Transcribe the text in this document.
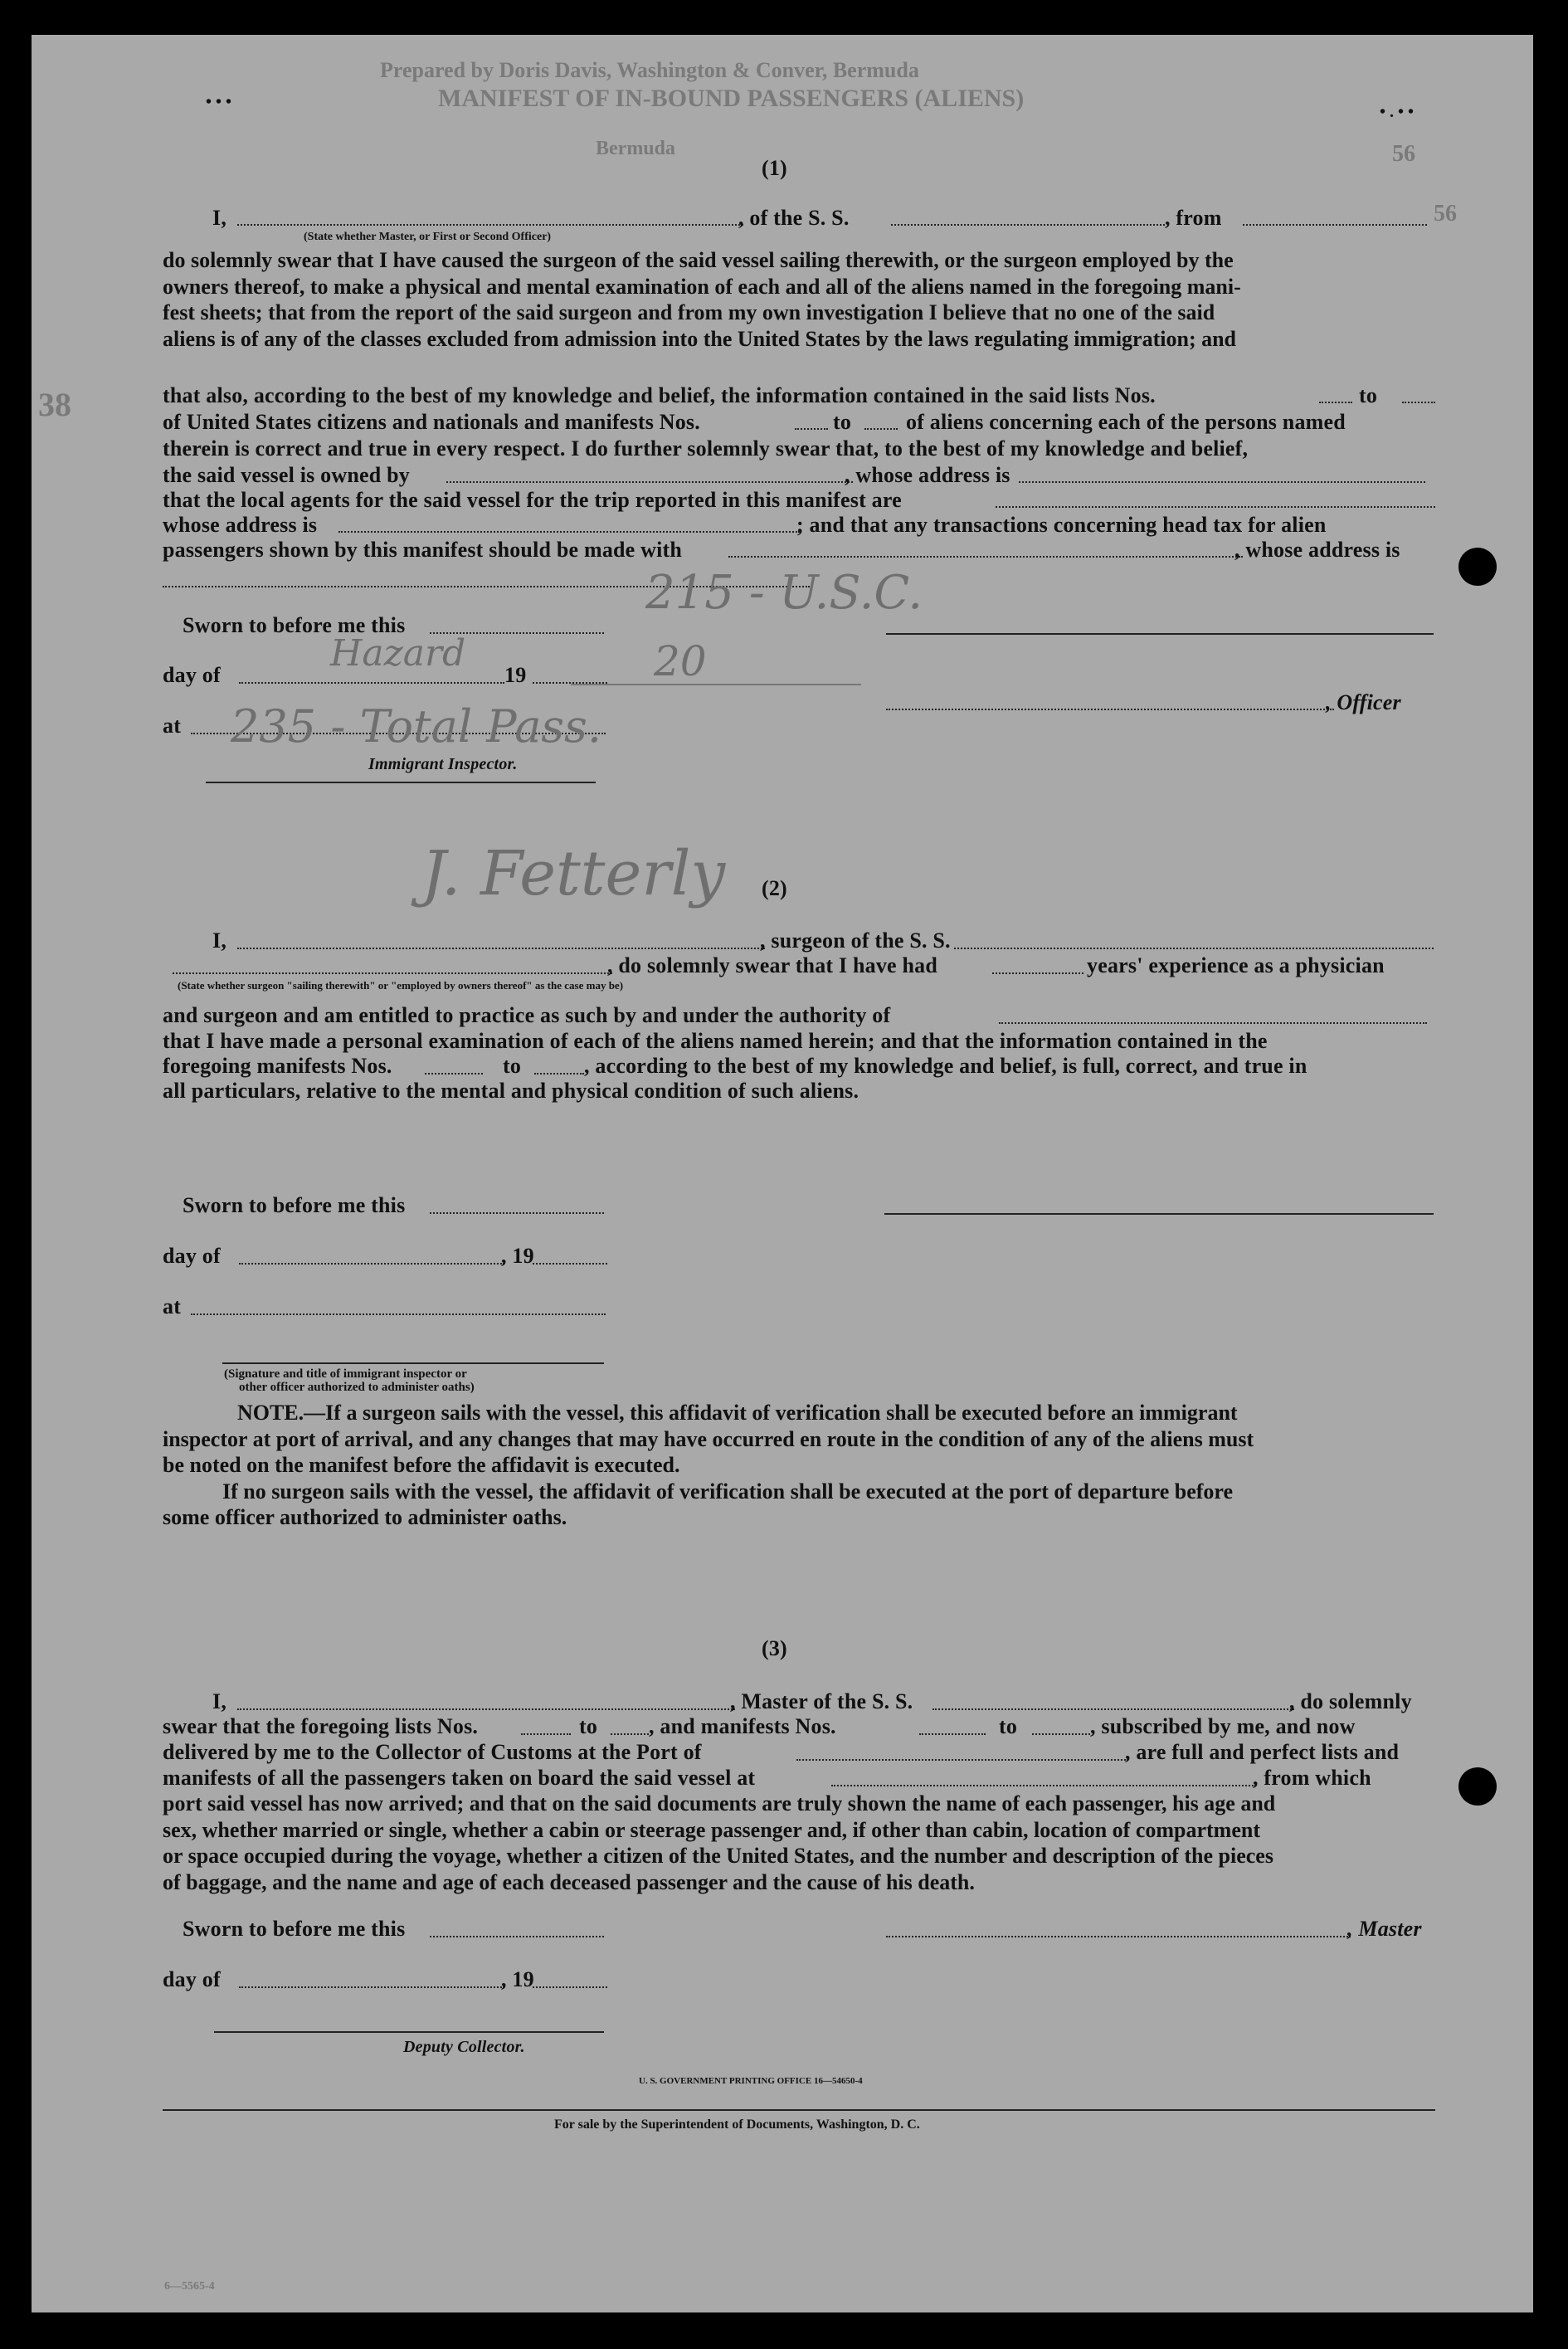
Prepared by Doris Davis, Washington & Conver, Bermuda
MANIFEST OF IN-BOUND PASSENGERS (ALIENS)
Bermuda	56
56
38
• • •
• . • •
(1)
I,	, of the S. S.	, from
(State whether Master, or First or Second Officer)
do solemnly swear that I have caused the surgeon of the said vessel sailing therewith, or the surgeon employed by the
owners thereof, to make a physical and mental examination of each and all of the aliens named in the foregoing mani-
fest sheets; that from the report of the said surgeon and from my own investigation I believe that no one of the said
aliens is of any of the classes excluded from admission into the United States by the laws regulating immigration; and
that also, according to the best of my knowledge and belief, the information contained in the said lists Nos.	to
of United States citizens and nationals and manifests Nos.	to	of aliens concerning each of the persons named
therein is correct and true in every respect. I do further solemnly swear that, to the best of my knowledge and belief,
the said vessel is owned by	, whose address is
that the local agents for the said vessel for the trip reported in this manifest are
whose address is	; and that any transactions concerning head tax for alien
passengers shown by this manifest should be made with	, whose address is
Sworn to before me this
day of	19
, Officer
at
Immigrant Inspector.
215 - U.S.C.
Hazard	20
235 - Total Pass.
J. Fetterly (2)
I,	, surgeon of the S. S.
, do solemnly swear that I have had	years' experience as a physician
(State whether surgeon "sailing therewith" or "employed by owners thereof" as the case may be)
and surgeon and am entitled to practice as such by and under the authority of
that I have made a personal examination of each of the aliens named herein; and that the information contained in the
foregoing manifests Nos.	to	, according to the best of my knowledge and belief, is full, correct, and true in
all particulars, relative to the mental and physical condition of such aliens.
Sworn to before me this
day of	, 19
at
(Signature and title of immigrant inspector or
other officer authorized to administer oaths)
NOTE.—If a surgeon sails with the vessel, this affidavit of verification shall be executed before an immigrant
inspector at port of arrival, and any changes that may have occurred en route in the condition of any of the aliens must
be noted on the manifest before the affidavit is executed.
If no surgeon sails with the vessel, the affidavit of verification shall be executed at the port of departure before
some officer authorized to administer oaths.
(3)
I,	, Master of the S. S.	, do solemnly
swear that the foregoing lists Nos.	to , and manifests Nos.	to	, subscribed by me, and now
delivered by me to the Collector of Customs at the Port of	, are full and perfect lists and
manifests of all the passengers taken on board the said vessel at	, from which
port said vessel has now arrived; and that on the said documents are truly shown the name of each passenger, his age and
sex, whether married or single, whether a cabin or steerage passenger and, if other than cabin, location of compartment
or space occupied during the voyage, whether a citizen of the United States, and the number and description of the pieces
of baggage, and the name and age of each deceased passenger and the cause of his death.
Sworn to before me this	, Master
day of	, 19
Deputy Collector.
U. S. GOVERNMENT PRINTING OFFICE 16—54650-4
For sale by the Superintendent of Documents, Washington, D. C.
6—5565-4
